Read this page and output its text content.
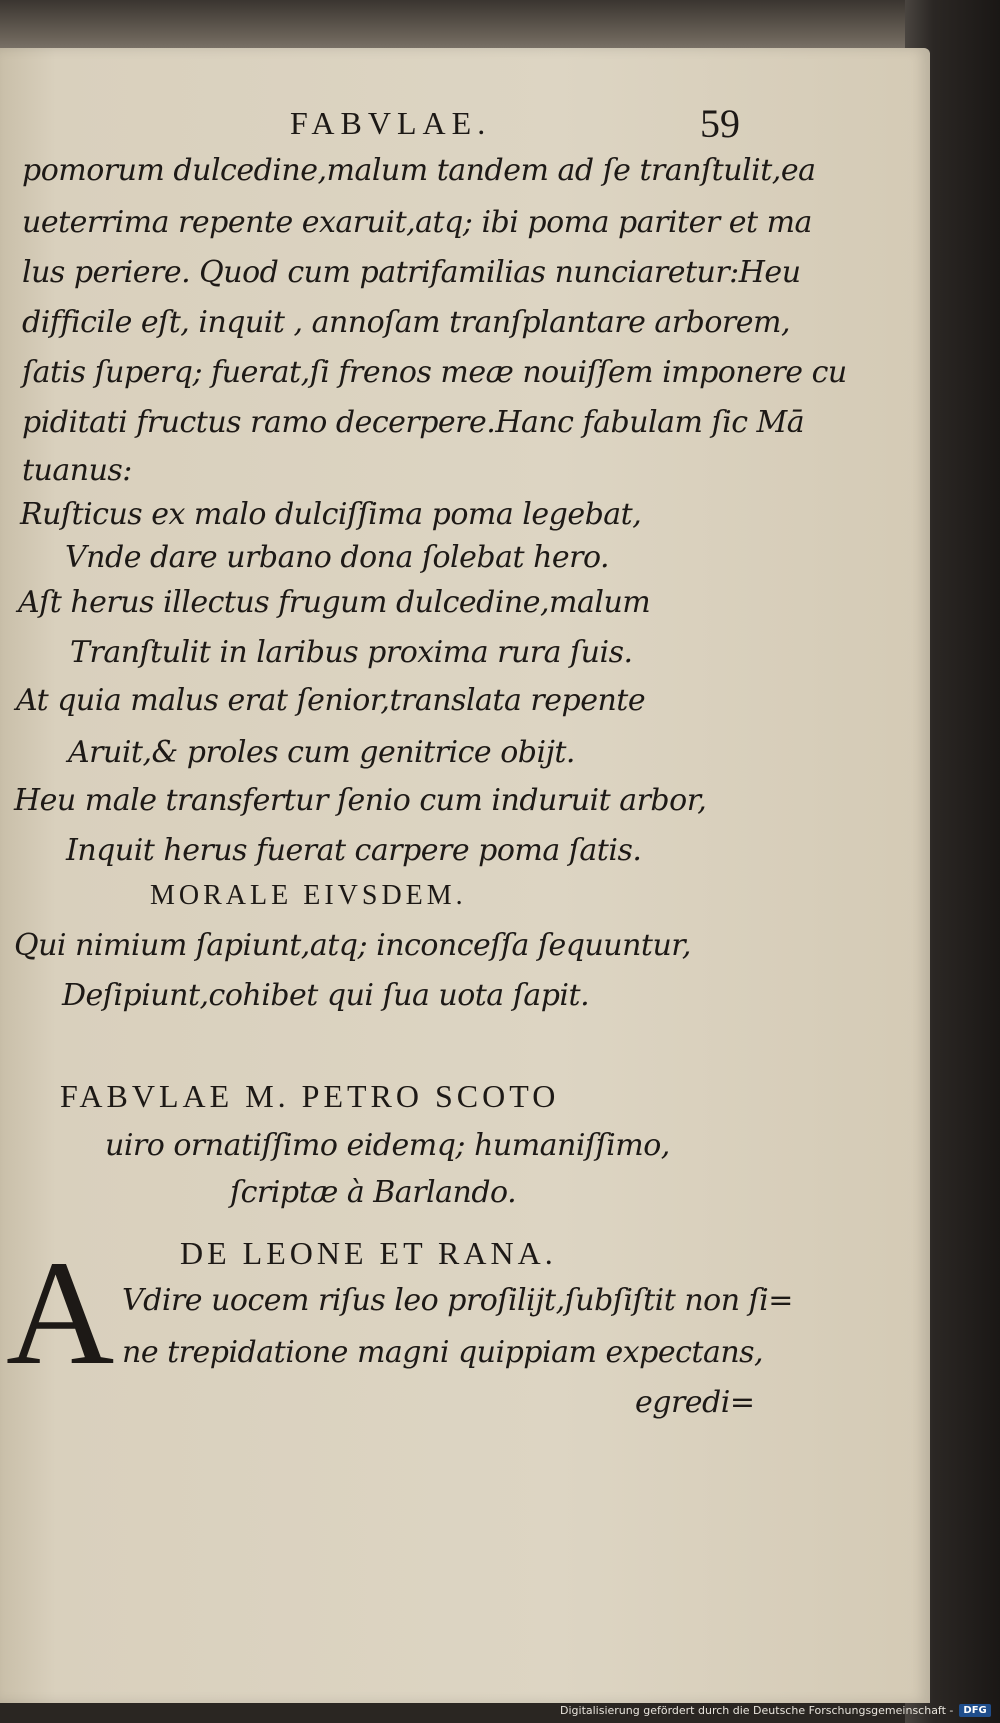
FABVLAE.	59
pomorum dulcedine,malum tandem ad ſe tranſtulit,ea
ueterrima repente exaruit,atq; ibi poma pariter et ma
lus periere. Quod cum patrifamilias nunciaretur:Heu
difficile eſt, inquit , annoſam tranſplantare arborem,
ſatis ſuperq; fuerat,ſi frenos meæ nouiſſem imponere cu
piditati fructus ramo decerpere.Hanc fabulam ſic Mā
tuanus:
Ruſticus ex malo dulciſſima poma legebat,
Vnde dare urbano dona ſolebat hero.
Aſt herus illectus frugum dulcedine,malum
Tranſtulit in laribus proxima rura ſuis.
At quia malus erat ſenior,translata repente
Aruit,& proles cum genitrice obijt.
Heu male transfertur ſenio cum induruit arbor,
Inquit herus fuerat carpere poma ſatis.
MORALE EIVSDEM.
Qui nimium ſapiunt,atq; inconceſſa ſequuntur,
Deſipiunt,cohibet qui ſua uota ſapit.
FABVLAE M. PETRO SCOTO
uiro ornatiſſimo eidemq; humaniſſimo,
ſcriptæ à Barlando.
DE LEONE ET RANA.
A Vdire uocem riſus leo proſilijt,ſubſiſtit non ſi=
ne trepidatione magni quippiam expectans,
egredi=
Digitalisierung gefördert durch die Deutsche Forschungsgemeinschaft -	DFG
